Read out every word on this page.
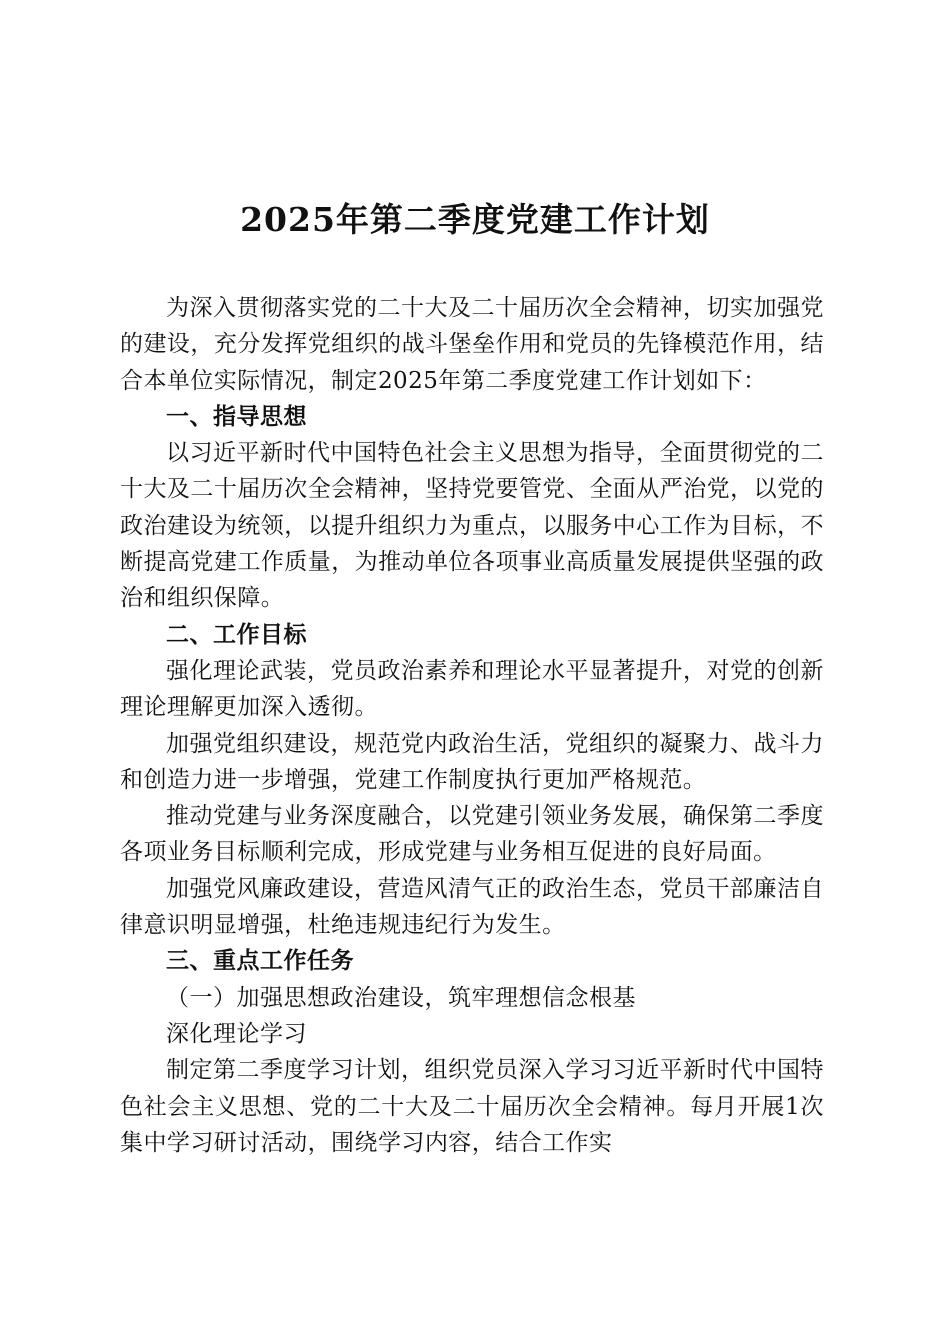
2025年第二季度党建工作计划

为深入贯彻落实党的二十大及二十届历次全会精神，切实加强党的建设，充分发挥党组织的战斗堡垒作用和党员的先锋模范作用，结合本单位实际情况，制定2025年第二季度党建工作计划如下：

一、指导思想

以习近平新时代中国特色社会主义思想为指导，全面贯彻党的二十大及二十届历次全会精神，坚持党要管党、全面从严治党，以党的政治建设为统领，以提升组织力为重点，以服务中心工作为目标，不断提高党建工作质量，为推动单位各项事业高质量发展提供坚强的政治和组织保障。

二、工作目标

强化理论武装，党员政治素养和理论水平显著提升，对党的创新理论理解更加深入透彻。

加强党组织建设，规范党内政治生活，党组织的凝聚力、战斗力和创造力进一步增强，党建工作制度执行更加严格规范。

推动党建与业务深度融合，以党建引领业务发展，确保第二季度各项业务目标顺利完成，形成党建与业务相互促进的良好局面。

加强党风廉政建设，营造风清气正的政治生态，党员干部廉洁自律意识明显增强，杜绝违规违纪行为发生。

三、重点工作任务

（一）加强思想政治建设，筑牢理想信念根基

深化理论学习

制定第二季度学习计划，组织党员深入学习习近平新时代中国特色社会主义思想、党的二十大及二十届历次全会精神。每月开展1次集中学习研讨活动，围绕学习内容，结合工作实
